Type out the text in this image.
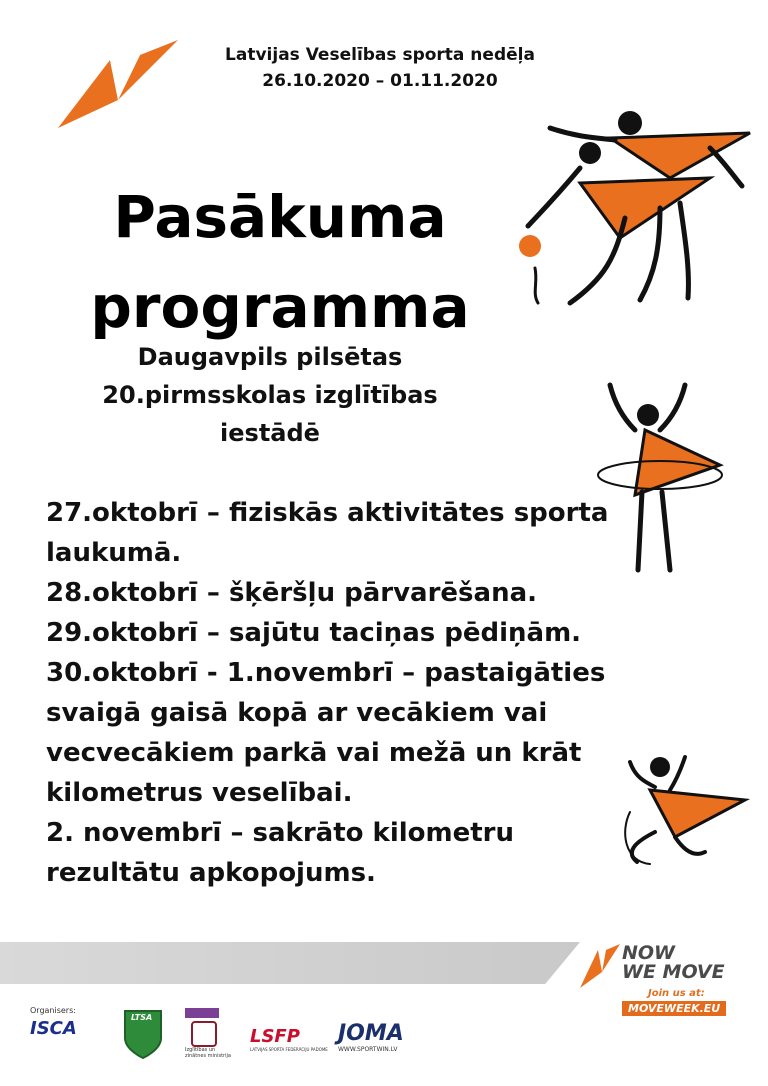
Latvijas Veselības sporta nedēļa
26.10.2020 – 01.11.2020
Pasākuma
programma
Daugavpils pilsētas
20.pirmsskolas izglītības
iestādē

27.oktobrī – fiziskās aktivitātes sporta
laukumā.

28.oktobrī – šķēršļu pārvarēšana.

29.oktobrī – sajūtu taciņas pēdiņām.

30.oktobrī - 1.novembrī – pastaigāties
svaigā gaisā kopā ar vecākiem vai
vecvecākiem parkā vai mežā un krāt
kilometrus veselībai.

2. novembrī – sakrāto kilometru
rezultātu apkopojums.

NOW
WE MOVE
Join us at:
MOVEWEEK.EU
Organisers:
ISCA
LTSA
Izglītības un zinātnes ministrija
LSFP
LATVIJAS SPORTA FEDERĀCIJU PADOME
JOMA
WWW.SPORTWIN.LV
